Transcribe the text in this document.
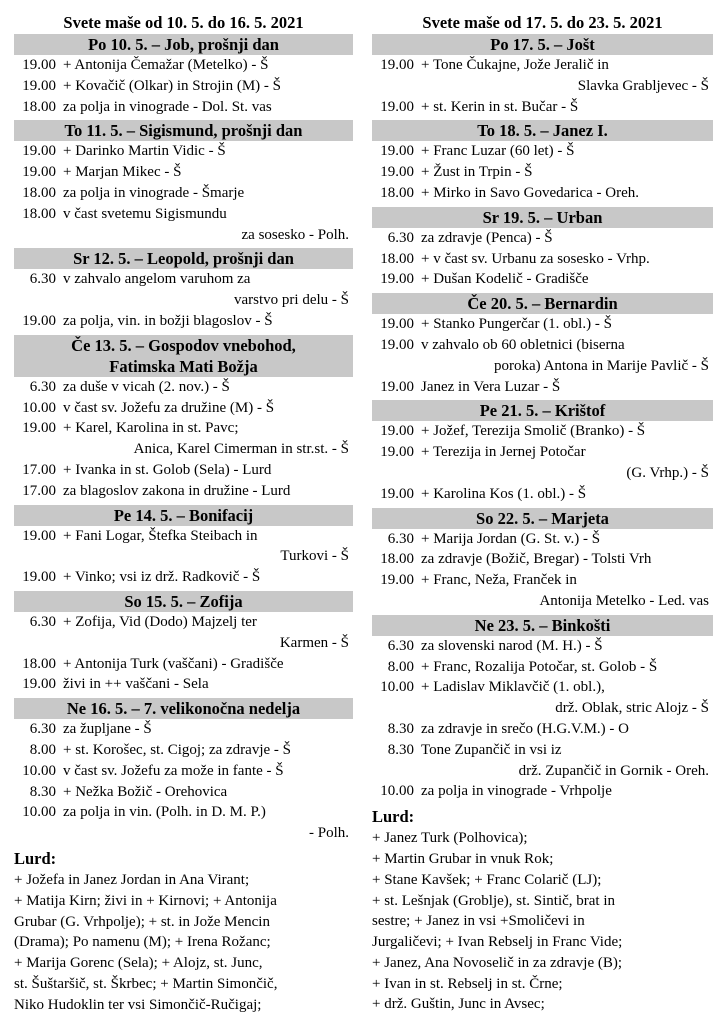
Svete maše od 10. 5. do 16. 5. 2021
Po 10. 5. – Job, prošnji dan
19.00 + Antonija Čemažar (Metelko) - Š
19.00 + Kovačič (Olkar) in Strojin (M) - Š
18.00 za polja in vinograde - Dol. St. vas
To 11. 5. – Sigismund, prošnji dan
19.00 + Darinko Martin Vidic - Š
19.00 + Marjan Mikec - Š
18.00 za polja in vinograde - Šmarje
18.00 v čast svetemu Sigismundu
za sosesko - Polh.
Sr 12. 5. – Leopold, prošnji dan
6.30 v zahvalo angelom varuhom za
varstvo pri delu - Š
19.00 za polja, vin. in božji blagoslov - Š
Če 13. 5. – Gospodov vnebohod,
Fatimska Mati Božja
6.30 za duše v vicah (2. nov.) - Š
10.00 v čast sv. Jožefu za družine (M) - Š
19.00 + Karel, Karolina in st. Pavc;
Anica, Karel Cimerman in str.st. - Š
17.00 + Ivanka in st. Golob (Sela) - Lurd
17.00 za blagoslov zakona in družine - Lurd
Pe 14. 5. – Bonifacij
19.00 + Fani Logar, Štefka Steibach in
Turkovi - Š
19.00 + Vinko; vsi iz drž. Radkovič - Š
So 15. 5. – Zofija
6.30 + Zofija, Vid (Dodo) Majzelj ter
Karmen - Š
18.00 + Antonija Turk (vaščani) - Gradišče
19.00 živi in ++ vaščani - Sela
Ne 16. 5. – 7. velikonočna nedelja
6.30 za župljane - Š
8.00 + st. Korošec, st. Cigoj; za zdravje - Š
10.00 v čast sv. Jožefu za može in fante - Š
8.30 + Nežka Božič - Orehovica
10.00 za polja in vin. (Polh. in D. M. P.)
- Polh.
Lurd:
+ Jožefa in Janez Jordan in Ana Virant;
+ Matija Kirn; živi in + Kirnovi; + Antonija
Grubar (G. Vrhpolje); + st. in Jože Mencin
(Drama); Po namenu (M); + Irena Rožanc;
+ Marija Gorenc (Sela); + Alojz, st. Junc,
st. Šuštaršič, st. Škrbec; + Martin Simončič,
Niko Hudoklin ter vsi Simončič-Ručigaj;
Svete maše od 17. 5. do 23. 5. 2021
Po 17. 5. – Jošt
19.00 + Tone Čukajne, Jože Jeralič in
Slavka Grabljevec - Š
19.00 + st. Kerin in st. Bučar - Š
To 18. 5. – Janez I.
19.00 + Franc Luzar (60 let) - Š
19.00 + Žust in Trpin - Š
18.00 + Mirko in Savo Govedarica - Oreh.
Sr 19. 5. – Urban
6.30 za zdravje (Penca) - Š
18.00 + v čast sv. Urbanu za sosesko - Vrhp.
19.00 + Dušan Kodelič - Gradišče
Če 20. 5. – Bernardin
19.00 + Stanko Pungerčar (1. obl.) - Š
19.00 v zahvalo ob 60 obletnici (biserna
poroka) Antona in Marije Pavlič - Š
19.00 Janez in Vera Luzar - Š
Pe 21. 5. – Krištof
19.00 + Jožef, Terezija Smolič (Branko) - Š
19.00 + Terezija in Jernej Potočar
(G. Vrhp.) - Š
19.00 + Karolina Kos (1. obl.) - Š
So 22. 5. – Marjeta
6.30 + Marija Jordan (G. St. v.) - Š
18.00 za zdravje (Božič, Bregar) - Tolsti Vrh
19.00 + Franc, Neža, Franček in
Antonija Metelko - Led. vas
Ne 23. 5. – Binkošti
6.30 za slovenski narod (M. H.) - Š
8.00 + Franc, Rozalija Potočar, st. Golob - Š
10.00 + Ladislav Miklavčič (1. obl.),
drž. Oblak, stric Alojz - Š
8.30 za zdravje in srečo (H.G.V.M.) - O
8.30 Tone Zupančič in vsi iz
drž. Zupančič in Gornik - Oreh.
10.00 za polja in vinograde - Vrhpolje
Lurd:
+ Janez Turk (Polhovica);
+ Martin Grubar in vnuk Rok;
+ Stane Kavšek; + Franc Colarič (LJ);
+ st. Lešnjak (Groblje), st. Sintič, brat in
sestre; + Janez in vsi +Smoličevi in
Jurgaličevi; + Ivan Rebselj in Franc Vide;
+ Janez, Ana Novoselič in za zdravje (B);
+ Ivan in st. Rebselj in st. Črne;
+ drž. Guštin, Junc in Avsec;
